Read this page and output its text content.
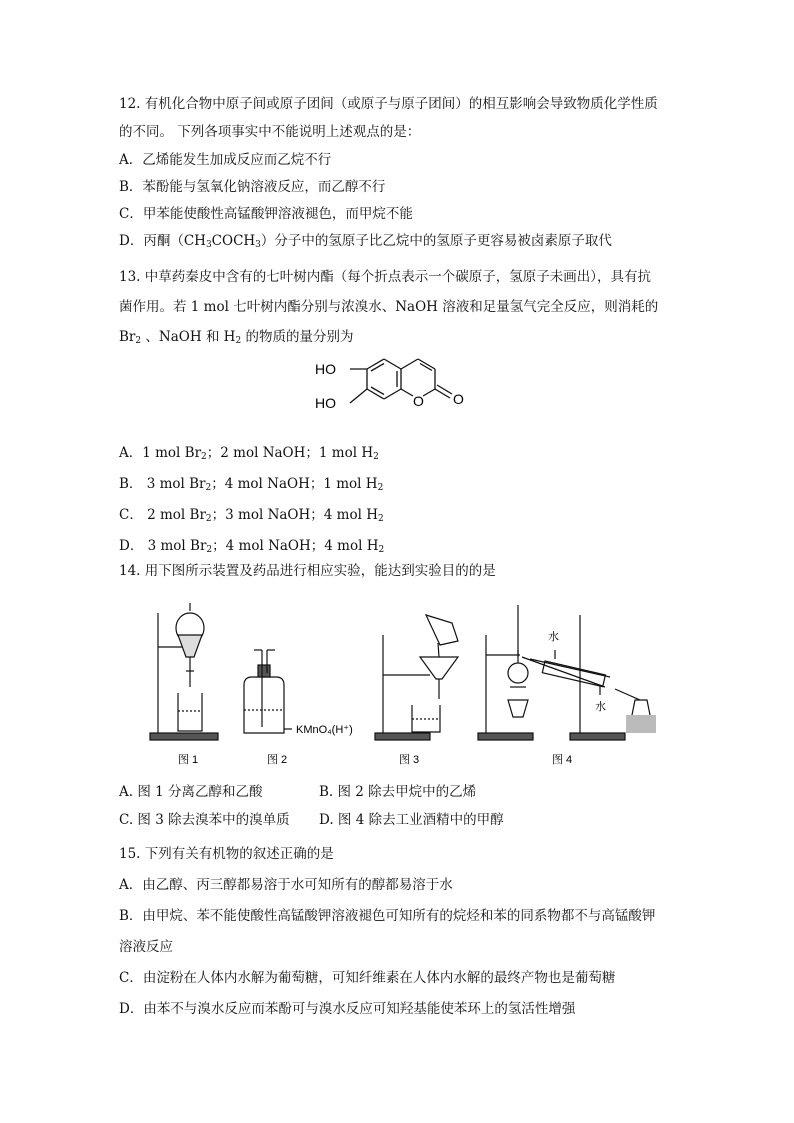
12. 有机化合物中原子间或原子团间（或原子与原子团间）的相互影响会导致物质化学性质
的不同。 下列各项事实中不能说明上述观点的是：
A．乙烯能发生加成反应而乙烷不行
B．苯酚能与氢氧化钠溶液反应，而乙醇不行
C．甲苯能使酸性高锰酸钾溶液褪色，而甲烷不能
D．丙酮$(CH_3COCH_3)$分子中的氢原子比乙烷中的氢原子更容易被卤素原子取代
13. 中草药秦皮中含有的七叶树内酯（每个折点表示一个碳原子，氢原子未画出），具有抗
菌作用。若 1 mol 七叶树内酯分别与浓溴水、NaOH 溶液和足量氢气完全反应，则消耗的
$Br_2$ 、NaOH 和 $H_2$ 的物质的量分别为
HO
HO	O O
A．1 mol $Br_2$；2 mol NaOH；1 mol $H_2$
B． 3 mol $Br_2$；4 mol NaOH；1 mol $H_2$
C． 2 mol $Br_2$；3 mol NaOH；4 mol $H_2$
D． 3 mol $Br_2$；4 mol NaOH；4 mol $H_2$
14. 用下图所示装置及药品进行相应实验，能达到实验目的的是
KMnO₄(H⁺)
水
水
图 1	图 2	图 3	图 4
A. 图 1 分离乙醇和乙酸	B. 图 2 除去甲烷中的乙烯
C. 图 3 除去溴苯中的溴单质 D. 图 4 除去工业酒精中的甲醇
15. 下列有关有机物的叙述正确的是
A．由乙醇、丙三醇都易溶于水可知所有的醇都易溶于水
B．由甲烷、苯不能使酸性高锰酸钾溶液褪色可知所有的烷烃和苯的同系物都不与高锰酸钾
溶液反应
C．由淀粉在人体内水解为葡萄糖，可知纤维素在人体内水解的最终产物也是葡萄糖
D．由苯不与溴水反应而苯酚可与溴水反应可知羟基能使苯环上的氢活性增强
